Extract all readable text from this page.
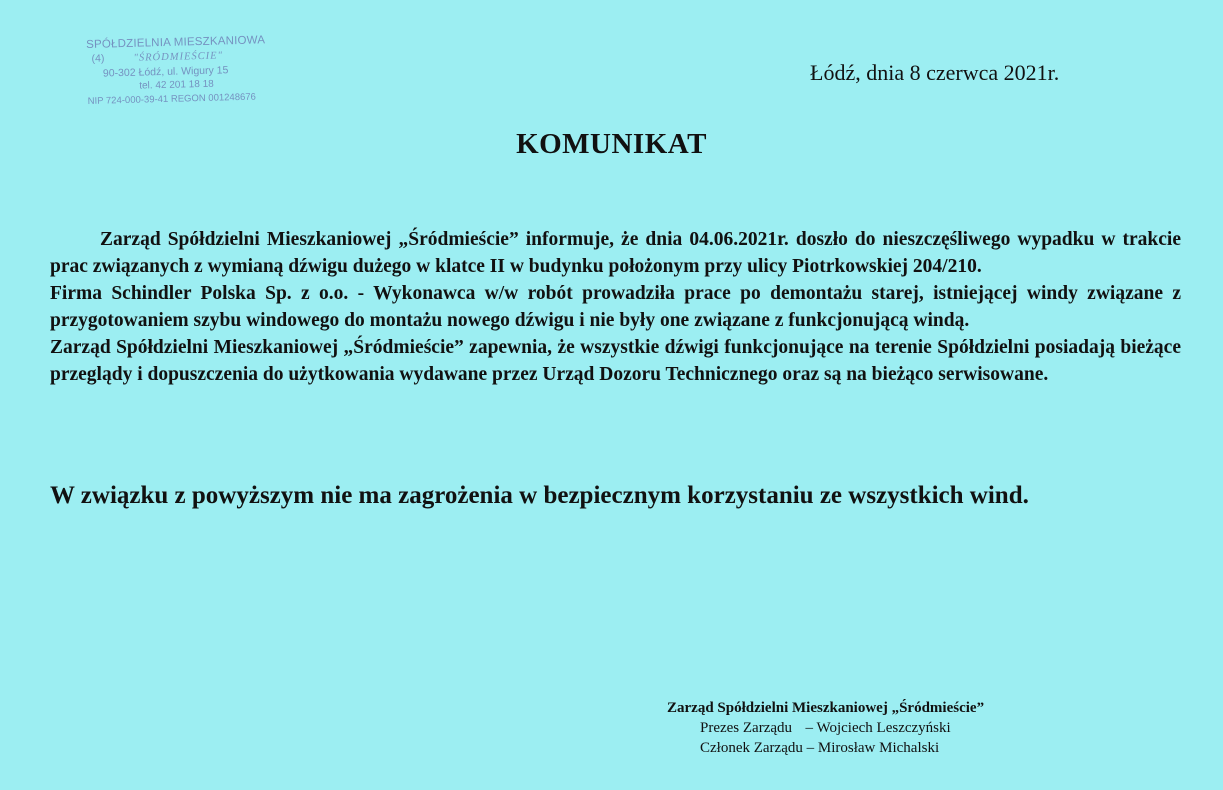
SPÓŁDZIELNIA MIESZKANIOWA
(4)	"ŚRÓDMIEŚCIE"
90-302 Łódź, ul. Wigury 15
tel. 42 201 18 18
NIP 724-000-39-41 REGON 001248676
Łódź, dnia 8 czerwca 2021r.
KOMUNIKAT

Zarząd Spółdzielni Mieszkaniowej „Śródmieście” informuje, że dnia 04.06.2021r. doszło do nieszczęśliwego wypadku w trakcie prac związanych z wymianą dźwigu dużego w klatce II w budynku położonym przy ulicy Piotrkowskiej 204/210.

Firma Schindler Polska Sp. z o.o. - Wykonawca w/w robót prowadziła prace po demontażu starej, istniejącej windy związane z przygotowaniem szybu windowego do montażu nowego dźwigu i nie były one związane z funkcjonującą windą.

Zarząd Spółdzielni Mieszkaniowej „Śródmieście” zapewnia, że wszystkie dźwigi funkcjonujące na terenie Spółdzielni posiadają bieżące przeglądy i dopuszczenia do użytkowania wydawane przez Urząd Dozoru Technicznego oraz są na bieżąco serwisowane.

W związku z powyższym nie ma zagrożenia w bezpiecznym korzystaniu ze wszystkich wind.
Zarząd Spółdzielni Mieszkaniowej „Śródmieście”
Prezes Zarządu – Wojciech Leszczyński
Członek Zarządu – Mirosław Michalski
